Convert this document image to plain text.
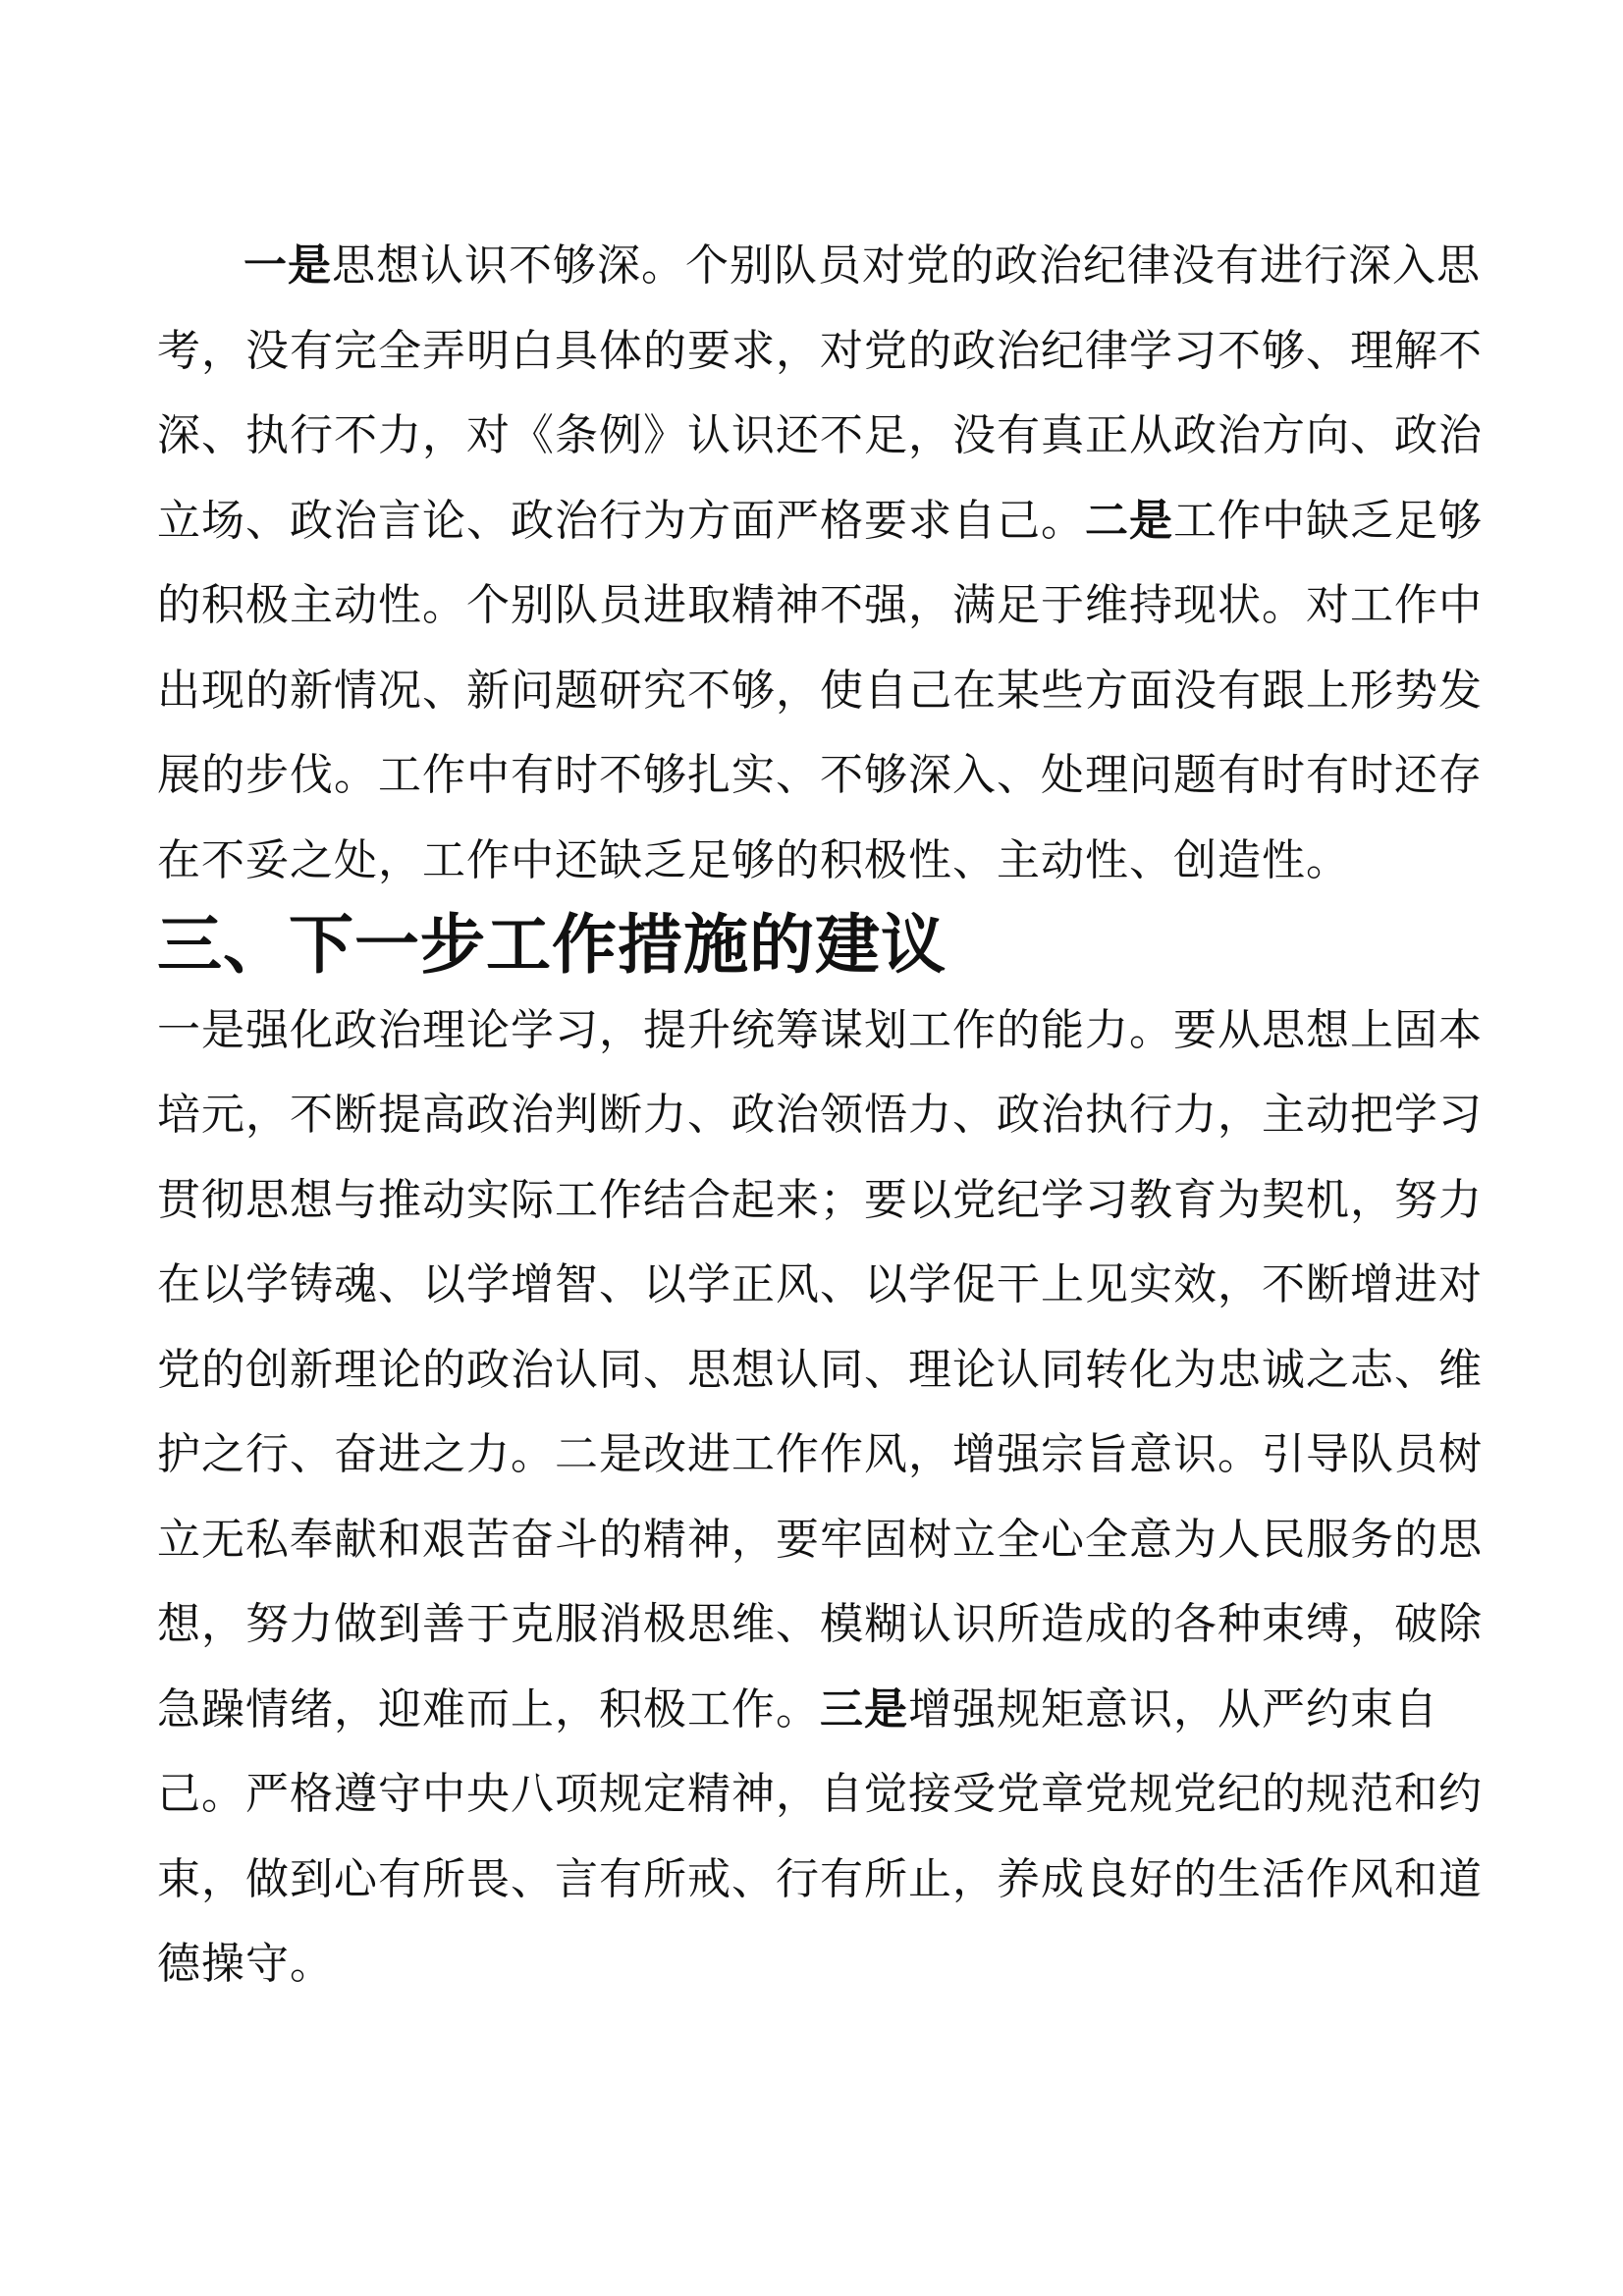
一是思想认识不够深。个别队员对党的政治纪律没有进行深入思考，没有完全弄明白具体的要求，对党的政治纪律学习不够、理解不深、执行不力，对《条例》认识还不足，没有真正从政治方向、政治立场、政治言论、政治行为方面严格要求自己。二是工作中缺乏足够的积极主动性。个别队员进取精神不强，满足于维持现状。对工作中出现的新情况、新问题研究不够，使自己在某些方面没有跟上形势发展的步伐。工作中有时不够扎实、不够深入、处理问题有时有时还存在不妥之处，工作中还缺乏足够的积极性、主动性、创造性。

三、下一步工作措施的建议

一是强化政治理论学习，提升统筹谋划工作的能力。要从思想上固本培元，不断提高政治判断力、政治领悟力、政治执行力，主动把学习贯彻思想与推动实际工作结合起来；要以党纪学习教育为契机，努力在以学铸魂、以学增智、以学正风、以学促干上见实效，不断增进对党的创新理论的政治认同、思想认同、理论认同转化为忠诚之志、维护之行、奋进之力。二是改进工作作风，增强宗旨意识。引导队员树立无私奉献和艰苦奋斗的精神，要牢固树立全心全意为人民服务的思想，努力做到善于克服消极思维、模糊认识所造成的各种束缚，破除急躁情绪，迎难而上，积极工作。三是增强规矩意识，从严约束自己。严格遵守中央八项规定精神，自觉接受党章党规党纪的规范和约束，做到心有所畏、言有所戒、行有所止，养成良好的生活作风和道德操守。
